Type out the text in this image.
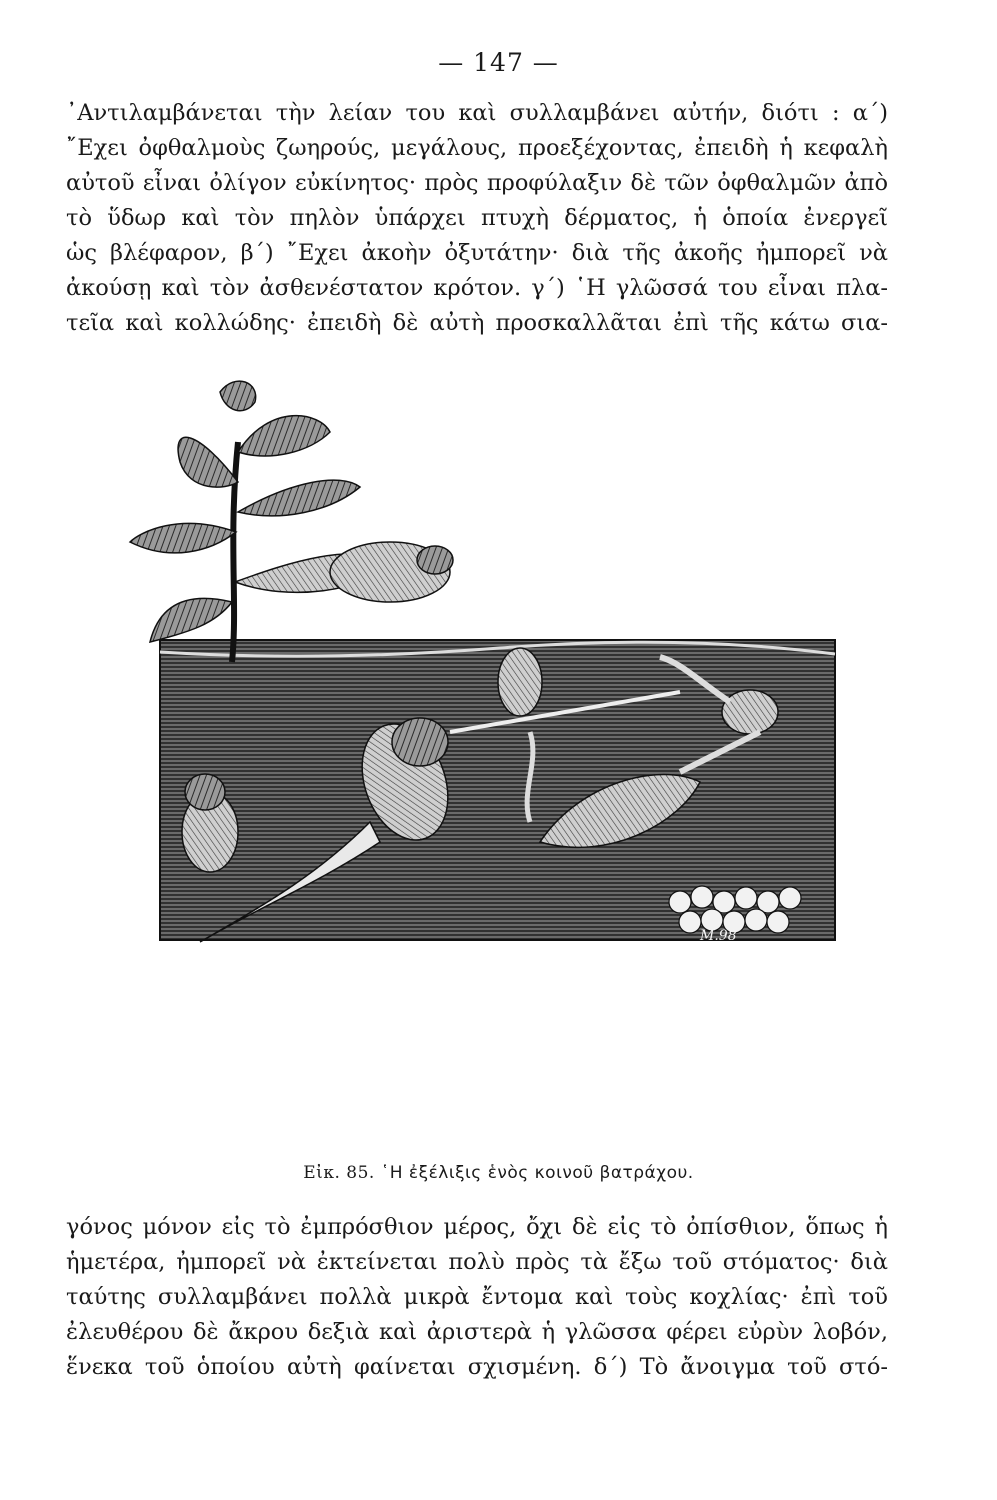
— 147 —
᾿Αντιλαμβάνεται τὴν λείαν του καὶ συλλαμβάνει αὐτήν, διότι : α΄)
῎Εχει ὀφθαλμοὺς ζωηρούς, μεγάλους, προεξέχοντας, ἐπειδὴ ἡ κεφαλὴ
αὐτοῦ εἶναι ὀλίγον εὐκίνητος· πρὸς προφύλαξιν δὲ τῶν ὀφθαλμῶν ἀπὸ
τὸ ὕδωρ καὶ τὸν πηλὸν ὑπάρχει πτυχὴ δέρματος, ἡ ὁποία ἐνεργεῖ
ὡς βλέφαρον, β΄) ῎Εχει ἀκοὴν ὀξυτάτην· διὰ τῆς ἀκοῆς ἠμπορεῖ νὰ
ἀκούσῃ καὶ τὸν ἀσθενέστατον κρότον. γ΄) ῾Η γλῶσσά του εἶναι πλα-
τεῖα καὶ κολλώδης· ἐπειδὴ δὲ αὐτὴ προσκαλλᾶται ἐπὶ τῆς κάτω σια-
M.98
Εἰκ. 85. ῾Η ἐξέλιξις ἑνὸς κοινοῦ βατράχου.
γόνος μόνον εἰς τὸ ἐμπρόσθιον μέρος, ὄχι δὲ εἰς τὸ ὀπίσθιον, ὅπως ἡ
ἡμετέρα, ἠμπορεῖ νὰ ἐκτείνεται πολὺ πρὸς τὰ ἔξω τοῦ στόματος· διὰ
ταύτης συλλαμβάνει πολλὰ μικρὰ ἔντομα καὶ τοὺς κοχλίας· ἐπὶ τοῦ
ἐλευθέρου δὲ ἄκρου δεξιὰ καὶ ἀριστερὰ ἡ γλῶσσα φέρει εὐρὺν λοβόν,
ἕνεκα τοῦ ὁποίου αὐτὴ φαίνεται σχισμένη. δ΄) Τὸ ἄνοιγμα τοῦ στό-
